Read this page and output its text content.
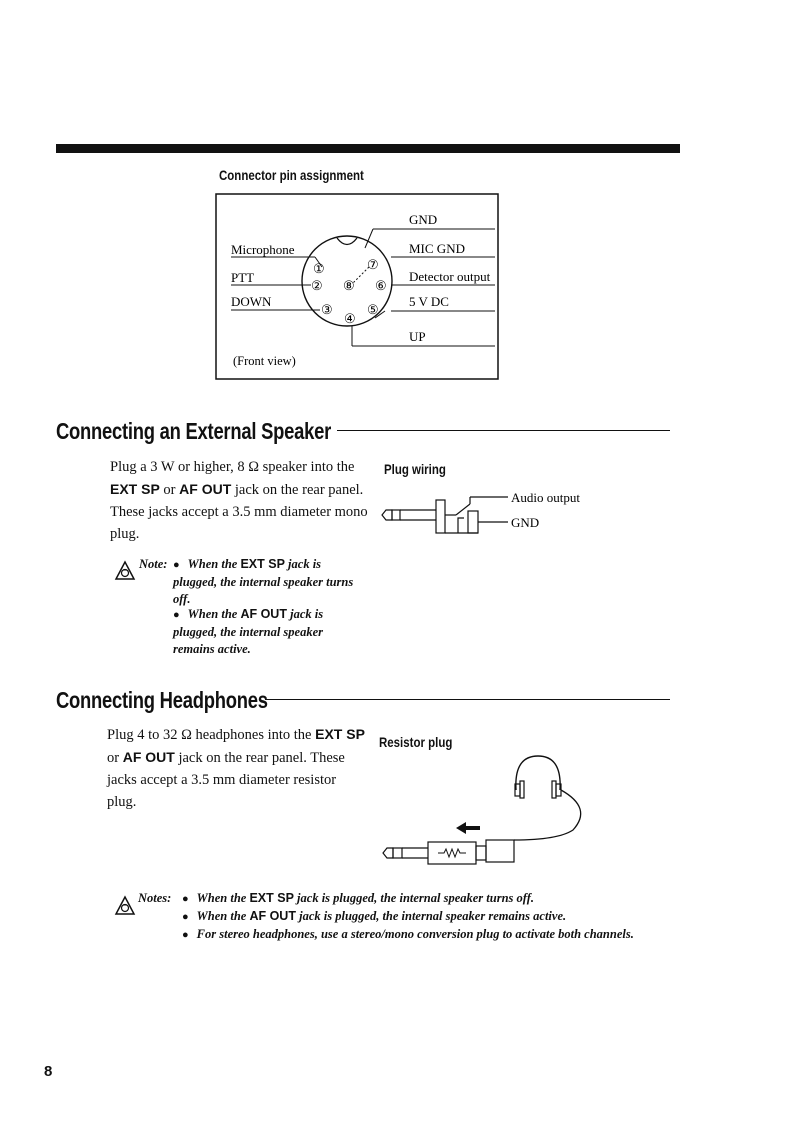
Connector pin assignment
①
②
③
④
⑤
⑥
⑦
⑧
Microphone
PTT
DOWN
GND
MIC GND
Detector output
5 V DC
UP
(Front view)
Connecting an External Speaker
Plug a 3 W or higher, 8 Ω speaker into the EXT SP or AF OUT jack on the rear panel. These jacks accept a 3.5 mm diameter mono plug.
Plug wiring
Audio output
GND
Note: ● When the EXT SP jack is plugged, the internal speaker turns off.
● When the AF OUT jack is plugged, the internal speaker remains active.
Connecting Headphones
Plug 4 to 32 Ω headphones into the EXT SP or AF OUT jack on the rear panel. These jacks accept a 3.5 mm diameter resistor plug.
Resistor plug
Notes: ● When the EXT SP jack is plugged, the internal speaker turns off.
● When the AF OUT jack is plugged, the internal speaker remains active.
● For stereo headphones, use a stereo/mono conversion plug to activate both channels.
8
